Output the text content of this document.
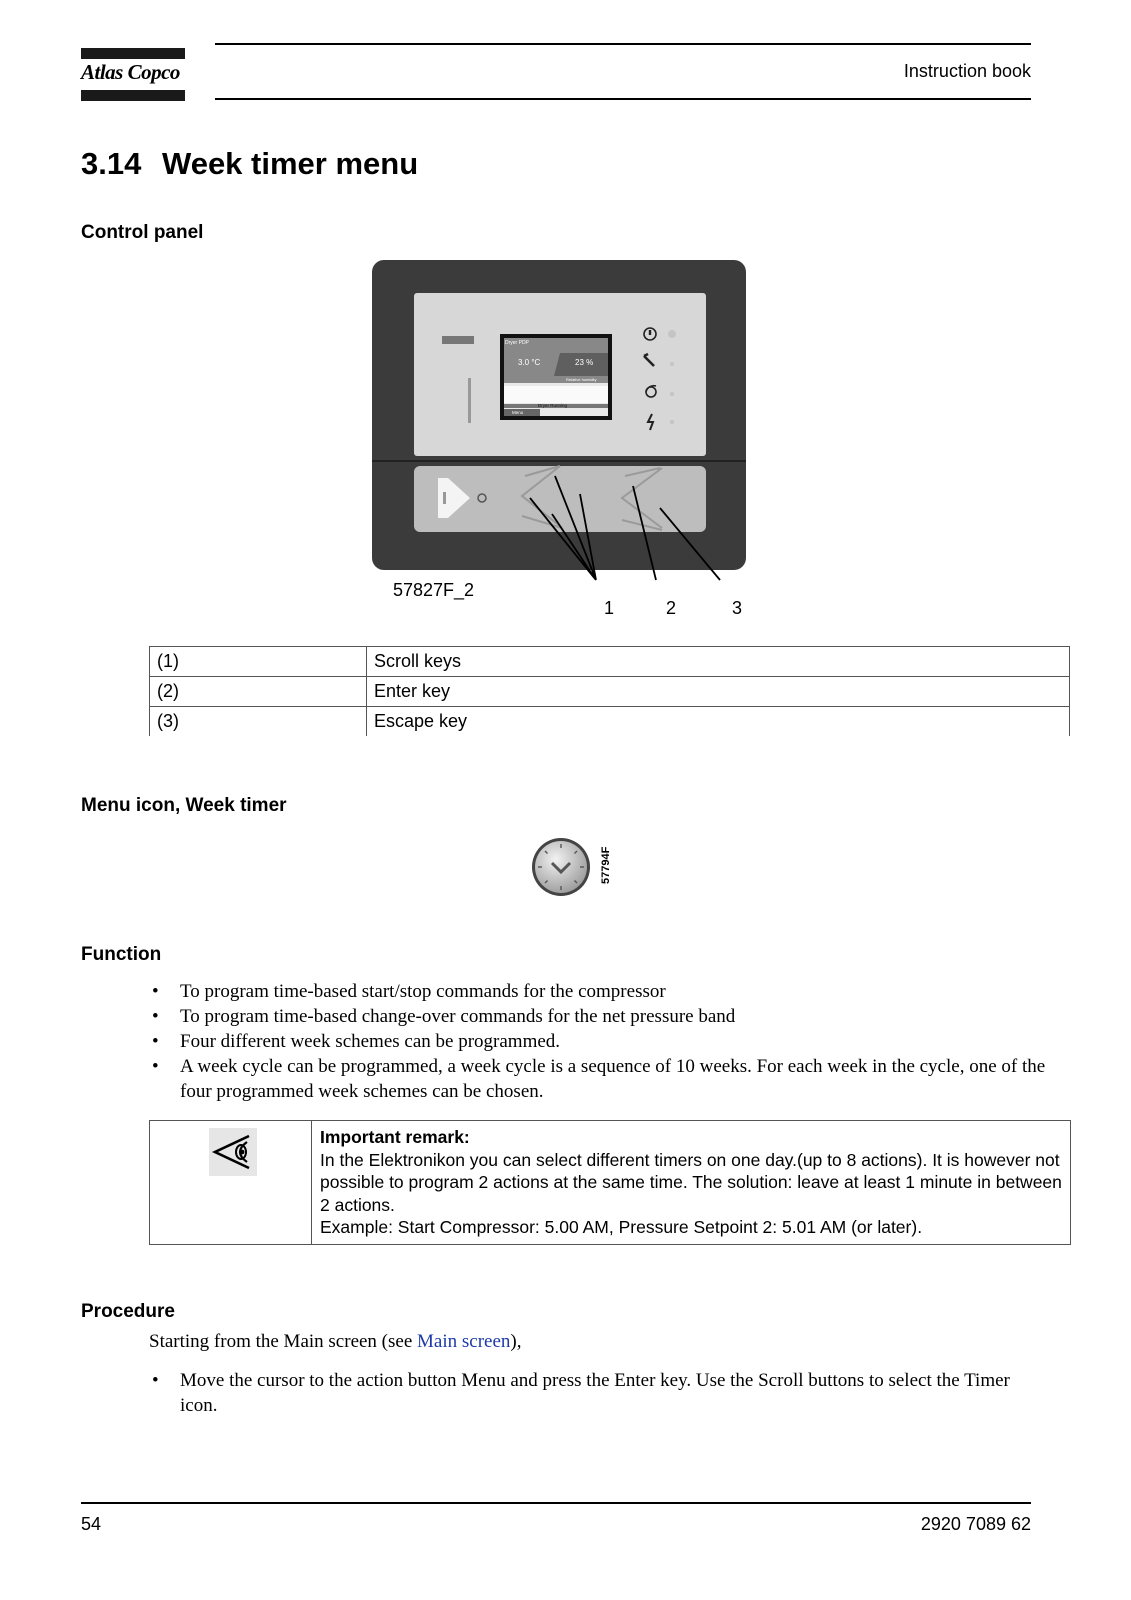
Atlas Copco	Instruction book
3.14 Week timer menu
Control panel
Dryer PDP
3.0 °C	23 %
Relative humidity
Dryer Running
Menu
57827F_2
1	2	3
(1)	Scroll keys
(2)	Enter key
(3)	Escape key
Menu icon, Week timer
57794F
Function
• To program time-based start/stop commands for the compressor
• To program time-based change-over commands for the net pressure band
• Four different week schemes can be programmed.
• A week cycle can be programmed, a week cycle is a sequence of 10 weeks. For each week in the cycle, one of the four programmed week schemes can be chosen.
Important remark:
In the Elektronikon you can select different timers on one day.(up to 8 actions). It is however not possible to program 2 actions at the same time. The solution: leave at least 1 minute in between 2 actions.
Example: Start Compressor: 5.00 AM, Pressure Setpoint 2: 5.01 AM (or later).
Procedure
Starting from the Main screen (see Main screen),
• Move the cursor to the action button Menu and press the Enter key. Use the Scroll buttons to select the Timer icon.
54	2920 7089 62
